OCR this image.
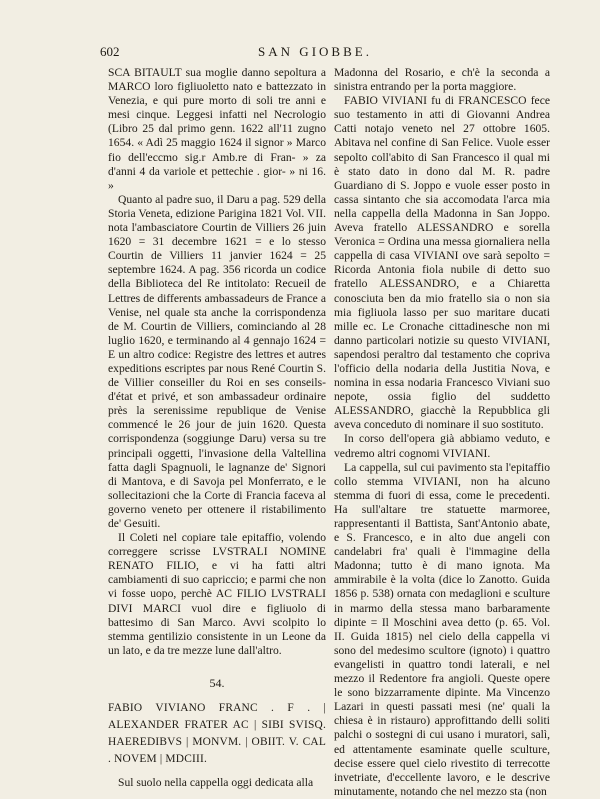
602	SAN GIOBBE.

SCA BITAULT sua moglie danno sepoltura a MARCO loro figliuoletto nato e battezzato in Venezia, e qui pure morto di soli tre anni e mesi cinque. Leggesi infatti nel Necrologio (Libro 25 dal primo genn. 1622 all'11 zugno 1654. « Adì 25 maggio 1624 il signor » Marco fio dell'eccmo sig.r Amb.re di Fran- » za d'anni 4 da variole et pettechie . gior- » ni 16. »

Quanto al padre suo, il Daru a pag. 529 della Storia Veneta, edizione Parigina 1821 Vol. VII. nota l'ambasciatore Courtin de Villiers 26 juin 1620 = 31 decembre 1621 = e lo stesso Courtin de Villiers 11 janvier 1624 = 25 septembre 1624. A pag. 356 ricorda un codice della Biblioteca del Re intitolato: Recueil de Lettres de differents ambassadeurs de France a Venise, nel quale sta anche la corrispondenza de M. Courtin de Villiers, cominciando al 28 luglio 1620, e terminando al 4 gennajo 1624 = E un altro codice: Registre des lettres et autres expeditions escriptes par nous René Courtin S. de Villier conseiller du Roi en ses conseils-d'état et privé, et son ambassadeur ordinaire près la serenissime republique de Venise commencé le 26 jour de juin 1620. Questa corrispondenza (soggiunge Daru) versa su tre principali oggetti, l'invasione della Valtellina fatta dagli Spagnuoli, le lagnanze de' Signori di Mantova, e di Savoja pel Monferrato, e le sollecitazioni che la Corte di Francia faceva al governo veneto per ottenere il ristabilimento de' Gesuiti.

Il Coleti nel copiare tale epitaffio, volendo correggere scrisse LVSTRALI NOMINE RENATO FILIO, e vi ha fatti altri cambiamenti di suo capriccio; e parmi che non vi fosse uopo, perchè AC FILIO LVSTRALI DIVI MARCI vuol dire e figliuolo di battesimo di San Marco. Avvi scolpito lo stemma gentilizio consistente in un Leone da un lato, e da tre mezze lune dall'altro.

54.
FABIO VIVIANO FRANC . F . | ALEXANDER FRATER AC | SIBI SVISQ. HAEREDIBVS | MONVM. | OBIIT. V. CAL . NOVEM | MDCIII.

Sul suolo nella cappella oggi dedicata alla

Madonna del Rosario, e ch'è la seconda a sinistra entrando per la porta maggiore.

FABIO VIVIANI fu di FRANCESCO fece suo testamento in atti di Giovanni Andrea Catti notajo veneto nel 27 ottobre 1605. Abitava nel confine di San Felice. Vuole esser sepolto coll'abito di San Francesco il qual mi è stato dato in dono dal M. R. padre Guardiano di S. Joppo e vuole esser posto in cassa sintanto che sia accomodata l'arca mia nella cappella della Madonna in San Joppo. Aveva fratello ALESSANDRO e sorella Veronica = Ordina una messa giornaliera nella cappella di casa VIVIANI ove sarà sepolto = Ricorda Antonia fiola nubile di detto suo fratello ALESSANDRO, e a Chiaretta conosciuta ben da mio fratello sia o non sia mia figliuola lasso per suo maritare ducati mille ec. Le Cronache cittadinesche non mi danno particolari notizie su questo VIVIANI, sapendosi peraltro dal testamento che copriva l'officio della nodaria della Justitia Nova, e nomina in essa nodaria Francesco Viviani suo nepote, ossia figlio del suddetto ALESSANDRO, giacchè la Repubblica gli aveva conceduto di nominare il suo sostituto.

In corso dell'opera già abbiamo veduto, e vedremo altri cognomi VIVIANI.

La cappella, sul cui pavimento sta l'epitaffio collo stemma VIVIANI, non ha alcuno stemma di fuori di essa, come le precedenti. Ha sull'altare tre statuette marmoree, rappresentanti il Battista, Sant'Antonio abate, e S. Francesco, e in alto due angeli con candelabri fra' quali è l'immagine della Madonna; tutto è di mano ignota. Ma ammirabile è la volta (dice lo Zanotto. Guida 1856 p. 538) ornata con medaglioni e sculture in marmo della stessa mano barbaramente dipinte = Il Moschini avea detto (p. 65. Vol. II. Guida 1815) nel cielo della cappella vi sono del medesimo scultore (ignoto) i quattro evangelisti in quattro tondi laterali, e nel mezzo il Redentore fra angioli. Queste opere le sono bizzarramente dipinte. Ma Vincenzo Lazari in questi passati mesi (ne' quali la chiesa è in ristauro) approfittando delli soliti palchi o sostegni di cui usano i muratori, salì, ed attentamente esaminate quelle sculture, decise essere quel cielo rivestito di terrecotte invetriate, d'eccellente lavoro, e le descrive minutamente, notando che nel mezzo sta (non
